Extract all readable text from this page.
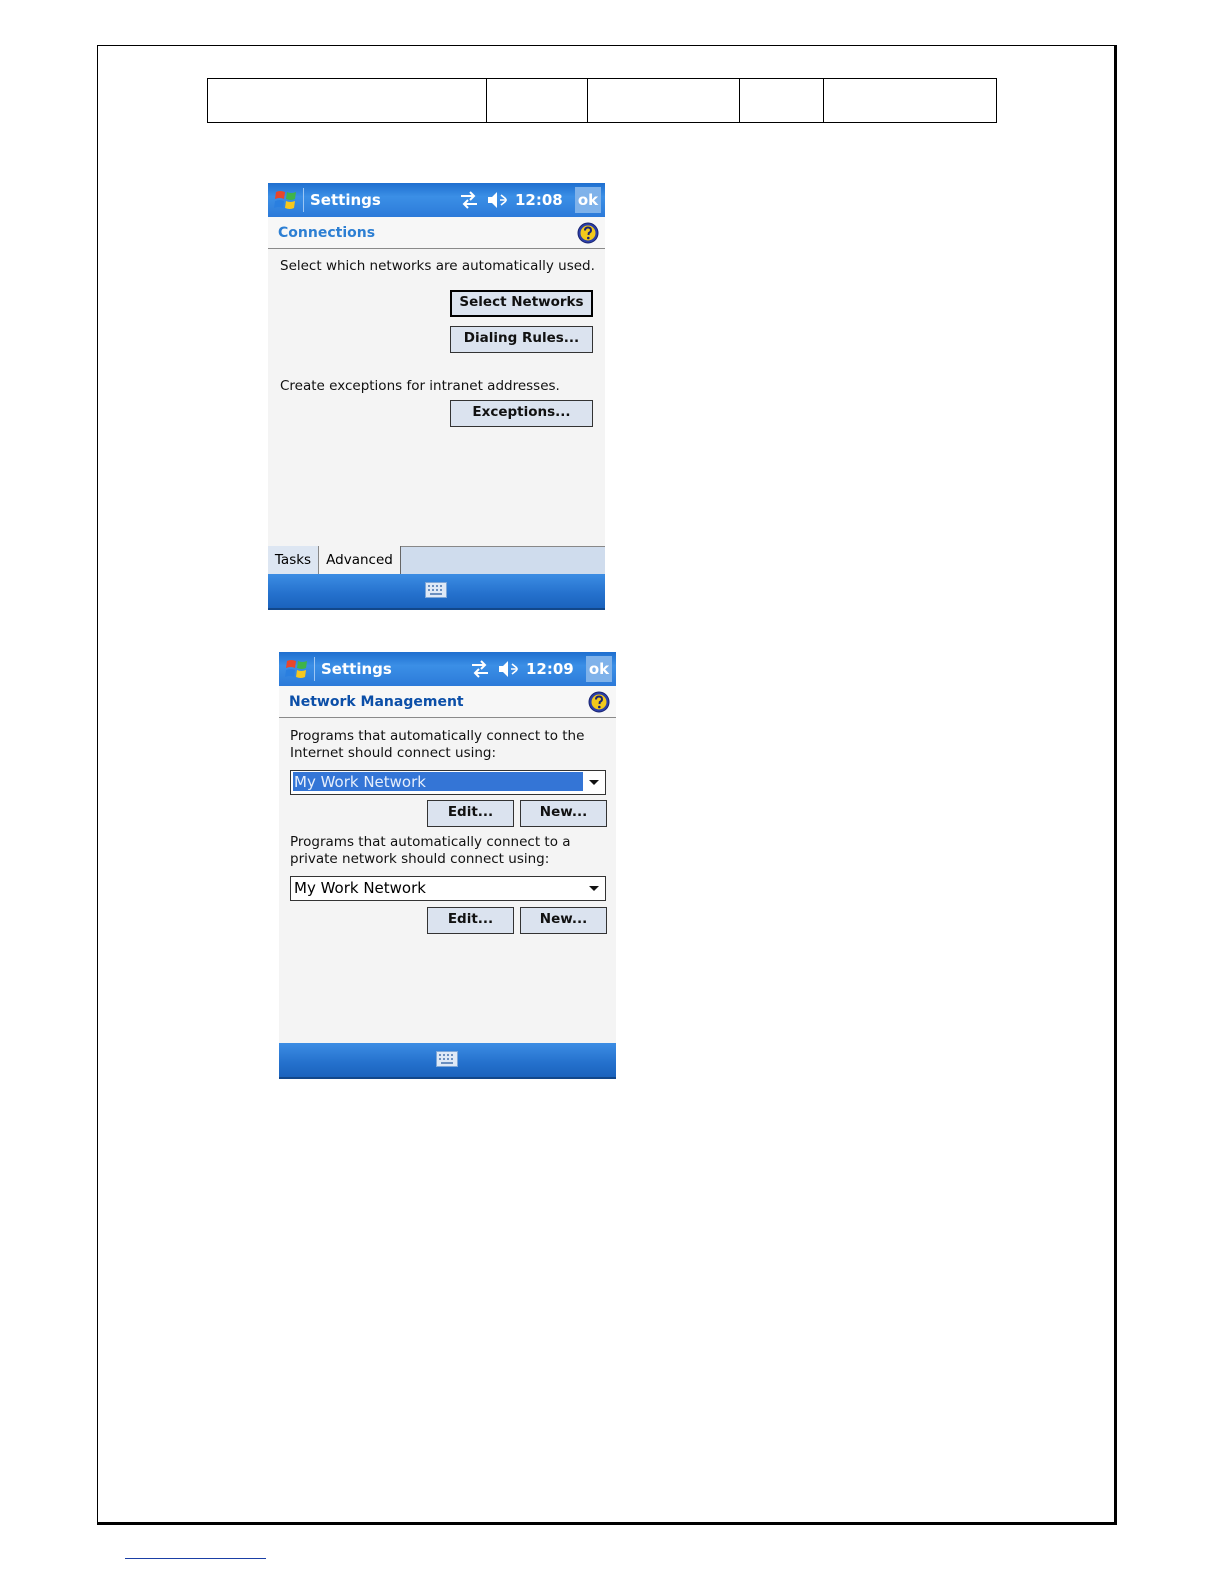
Settings	12:08 ok
Connections
Select which networks are automatically used.
Select Networks
Dialing Rules...
Create exceptions for intranet addresses.
Exceptions...
Tasks	Advanced
Settings	12:09 ok
Network Management
Programs that automatically connect to the
Internet should connect using:
My Work Network
Edit...	New...
Programs that automatically connect to a
private network should connect using:
My Work Network
Edit...	New...
